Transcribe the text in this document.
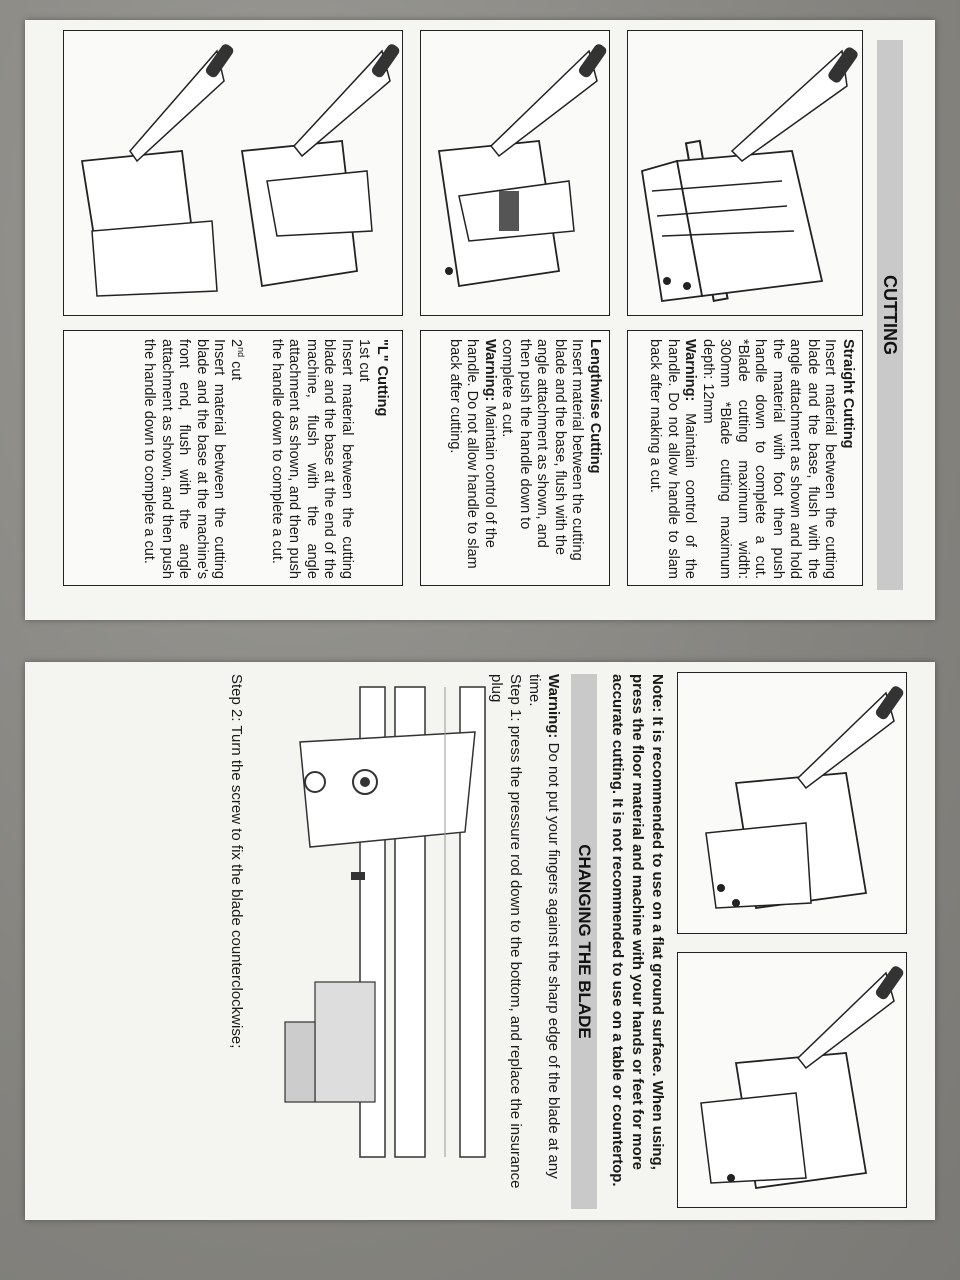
CUTTING

Straight Cutting

Insert material between the cutting blade and the base, flush with the angle attachment as shown and hold the material with foot then push handle down to complete a cut. *Blade cutting maximum width: 300mm *Blade cutting maximum depth: 12mm

Warning: Maintain control of the handle. Do not allow handle to slam back after making a cut.

Lengthwise Cutting

Insert material between the cutting blade and the base, flush with the angle attachment as shown, and then push the handle down to complete a cut.

Warning: Maintain control of the handle. Do not allow handle to slam back after cutting.

"L" Cutting

1st cut

Insert material between the cutting blade and the base at the end of the machine, flush with the angle attachment as shown, and then push the handle down to complete a cut.

2nd cut

Insert material between the cutting blade and the base at the machine's front end, flush with the angle attachment as shown, and then push the handle down to complete a cut.

Note: It is recommended to use on a flat ground surface. When using, press the floor material and machine with your hands or feet for more accurate cutting. It is not recommended to use on a table or countertop.
CHANGING THE BLADE

Warning: Do not put your fingers against the sharp edge of the blade at any time.

Step 1: press the pressure rod down to the bottom, and replace the insurance plug

Step 2: Turn the screw to fix the blade counterclockwise;
